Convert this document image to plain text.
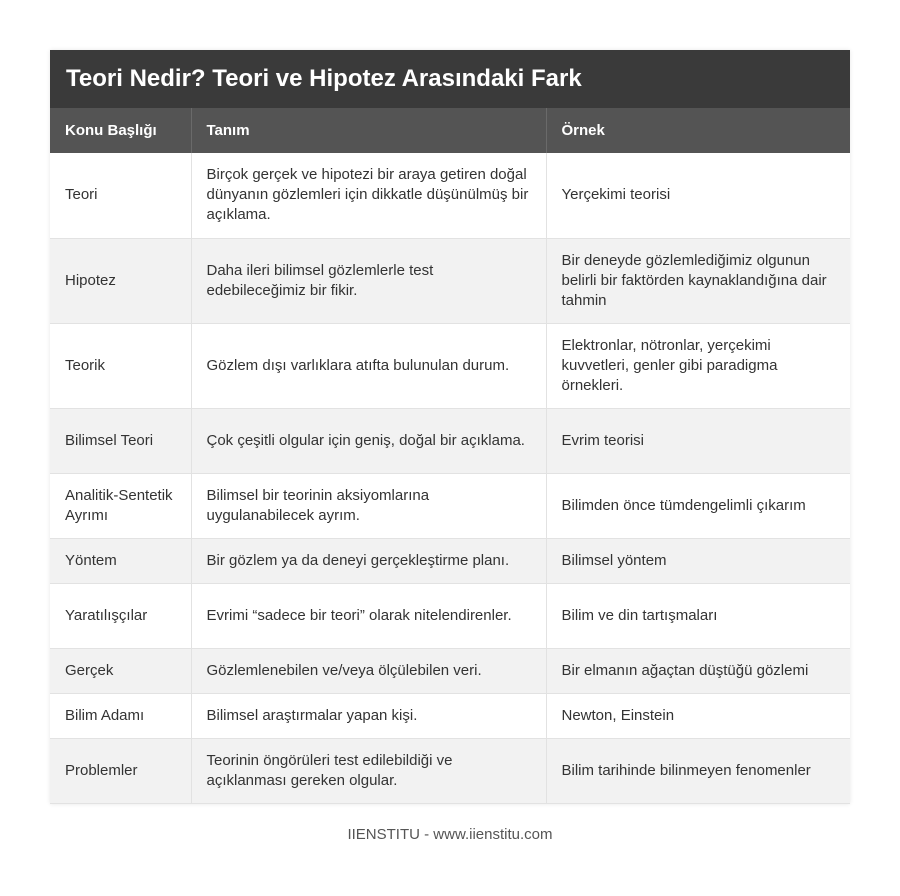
Teori Nedir? Teori ve Hipotez Arasındaki Fark
Konu Başlığı	Tanım	Örnek
Teori	Birçok gerçek ve hipotezi bir araya getiren doğal dünyanın gözlemleri için dikkatle düşünülmüş bir açıklama.	Yerçekimi teorisi
Hipotez	Daha ileri bilimsel gözlemlerle test edebileceğimiz bir fikir.	Bir deneyde gözlemlediğimiz olgunun belirli bir faktörden kaynaklandığına dair tahmin
Teorik	Gözlem dışı varlıklara atıfta bulunulan durum.	Elektronlar, nötronlar, yerçekimi kuvvetleri, genler gibi paradigma örnekleri.
Bilimsel Teori	Çok çeşitli olgular için geniş, doğal bir açıklama.	Evrim teorisi
Analitik-Sentetik Ayrımı	Bilimsel bir teorinin aksiyomlarına uygulanabilecek ayrım.	Bilimden önce tümdengelimli çıkarım
Yöntem	Bir gözlem ya da deneyi gerçekleştirme planı.	Bilimsel yöntem
Yaratılışçılar	Evrimi “sadece bir teori” olarak nitelendirenler.	Bilim ve din tartışmaları
Gerçek	Gözlemlenebilen ve/veya ölçülebilen veri.	Bir elmanın ağaçtan düştüğü gözlemi
Bilim Adamı	Bilimsel araştırmalar yapan kişi.	Newton, Einstein
Problemler	Teorinin öngörüleri test edilebildiği ve açıklanması gereken olgular.	Bilim tarihinde bilinmeyen fenomenler
IIENSTITU - www.iienstitu.com
